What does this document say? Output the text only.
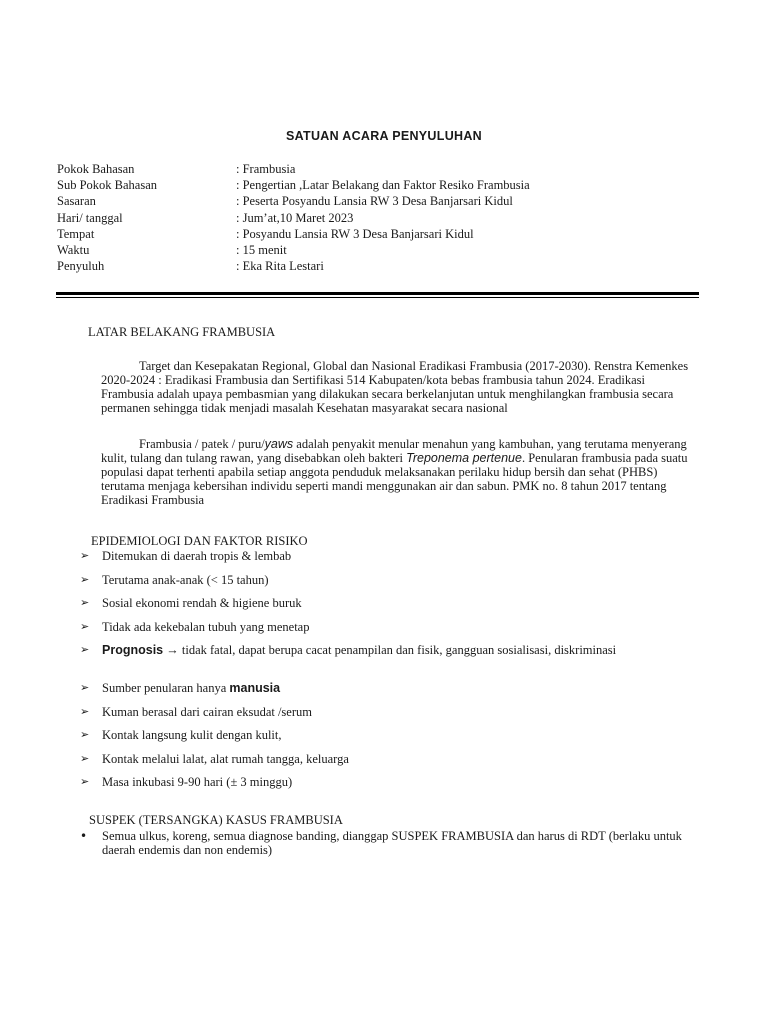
SATUAN ACARA PENYULUHAN
Pokok Bahasan	: Frambusia
Sub Pokok Bahasan	: Pengertian ,Latar Belakang dan Faktor Resiko Frambusia
Sasaran	: Peserta Posyandu Lansia RW 3 Desa Banjarsari Kidul
Hari/ tanggal	: Jum’at,10 Maret 2023
Tempat	: Posyandu Lansia RW 3 Desa Banjarsari Kidul
Waktu	: 15 menit
Penyuluh	: Eka Rita Lestari
LATAR BELAKANG FRAMBUSIA
Target dan Kesepakatan Regional, Global dan Nasional Eradikasi Frambusia (2017-2030). Renstra Kemenkes 2020-2024 : Eradikasi Frambusia dan Sertifikasi 514 Kabupaten/kota bebas frambusia tahun 2024. Eradikasi Frambusia adalah upaya pembasmian yang dilakukan secara berkelanjutan untuk menghilangkan frambusia secara permanen sehingga tidak menjadi masalah Kesehatan masyarakat secara nasional
Frambusia / patek / puru/yaws adalah penyakit menular menahun yang kambuhan, yang terutama menyerang kulit, tulang dan tulang rawan, yang disebabkan oleh bakteri Treponema pertenue. Penularan frambusia pada suatu populasi dapat terhenti apabila setiap anggota penduduk melaksanakan perilaku hidup bersih dan sehat (PHBS) terutama menjaga kebersihan individu seperti mandi menggunakan air dan sabun. PMK no. 8 tahun 2017 tentang Eradikasi Frambusia
EPIDEMIOLOGI DAN FAKTOR RISIKO
➢ Ditemukan di daerah tropis & lembab
➢ Terutama anak-anak (< 15 tahun)
➢ Sosial ekonomi rendah & higiene buruk
➢ Tidak ada kekebalan tubuh yang menetap
➢ Prognosis → tidak fatal, dapat berupa cacat penampilan dan fisik, gangguan sosialisasi, diskriminasi
➢ Sumber penularan hanya manusia
➢ Kuman berasal dari cairan eksudat /serum
➢ Kontak langsung kulit dengan kulit,
➢ Kontak melalui lalat, alat rumah tangga, keluarga
➢ Masa inkubasi 9-90 hari (± 3 minggu)
SUSPEK (TERSANGKA) KASUS FRAMBUSIA
• Semua ulkus, koreng, semua diagnose banding, dianggap SUSPEK FRAMBUSIA dan harus di RDT (berlaku untuk daerah endemis dan non endemis)
